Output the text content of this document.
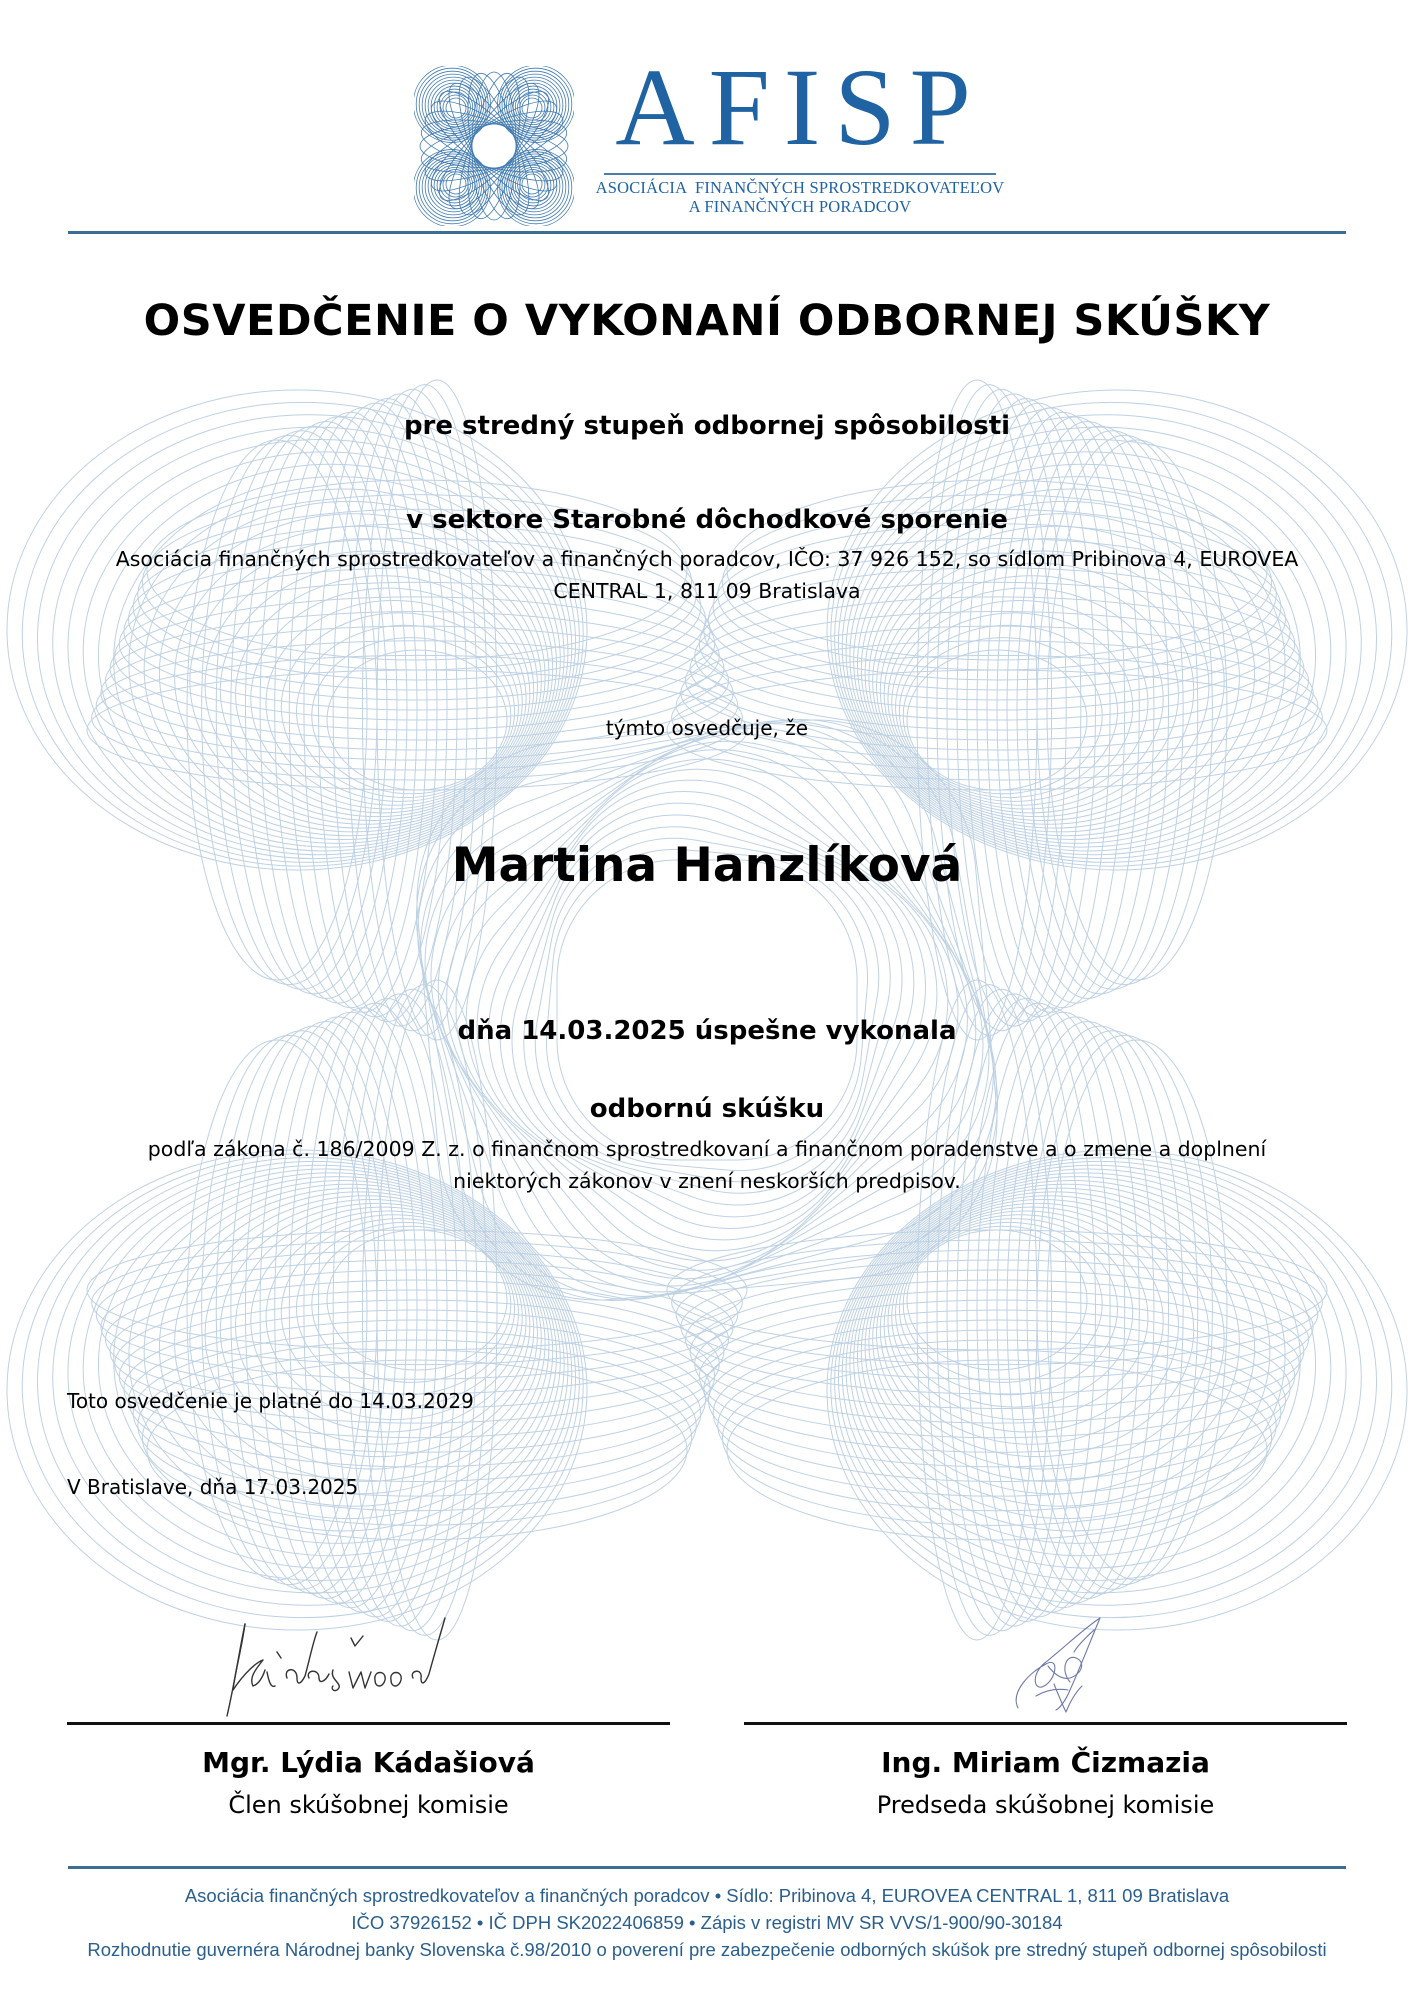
AFISP
ASOCIÁCIA  FINANČNÝCH SPROSTREDKOVATEĽOV
A FINANČNÝCH PORADCOV
OSVEDČENIE O VYKONANÍ ODBORNEJ SKÚŠKY
pre stredný stupeň odbornej spôsobilosti
v sektore Starobné dôchodkové sporenie
Asociácia finančných sprostredkovateľov a finančných poradcov, IČO: 37 926 152, so sídlom Pribinova 4, EUROVEA CENTRAL 1, 811 09 Bratislava
týmto osvedčuje, že
Martina Hanzlíková
dňa 14.03.2025 úspešne vykonala
odbornú skúšku
podľa zákona č. 186/2009 Z. z. o finančnom sprostredkovaní a finančnom poradenstve a o zmene a doplnení niektorých zákonov v znení neskorších predpisov.
Toto osvedčenie je platné do 14.03.2029
V Bratislave, dňa 17.03.2025
Mgr. Lýdia Kádašiová
Člen skúšobnej komisie
Ing. Miriam Čizmazia
Predseda skúšobnej komisie
Asociácia finančných sprostredkovateľov a finančných poradcov • Sídlo: Pribinova 4, EUROVEA CENTRAL 1, 811 09 Bratislava
IČO 37926152 • IČ DPH SK2022406859 • Zápis v registri MV SR VVS/1-900/90-30184
Rozhodnutie guvernéra Národnej banky Slovenska č.98/2010 o poverení pre zabezpečenie odborných skúšok pre stredný stupeň odbornej spôsobilosti
